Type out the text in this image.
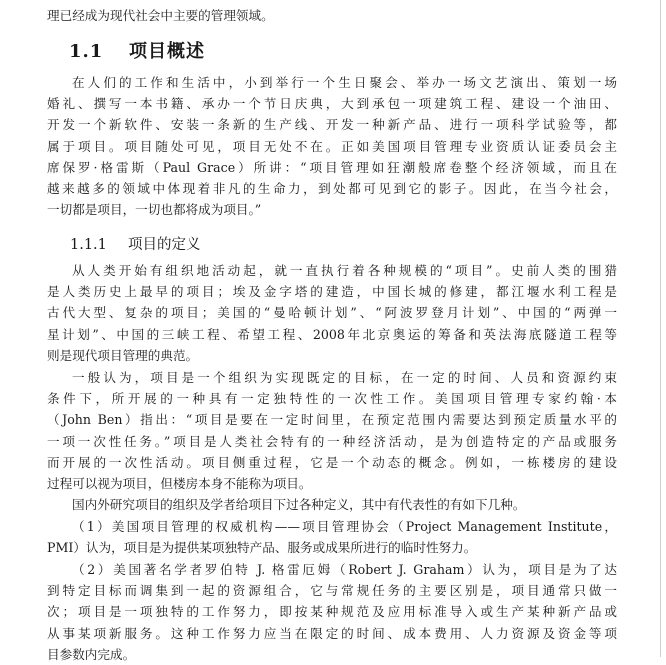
理已经成为现代社会中主要的管理领域。
1.1 项目概述
在人们的工作和生活中，小到举行一个生日聚会、举办一场文艺演出、策划一场
婚礼、撰写一本书籍、承办一个节日庆典，大到承包一项建筑工程、建设一个油田、
开发一个新软件、安装一条新的生产线、开发一种新产品、进行一项科学试验等，都
属于项目。项目随处可见，项目无处不在。正如美国项目管理专业资质认证委员会主
席保罗·格雷斯（Paul Grace）所讲：“项目管理如狂潮般席卷整个经济领域，而且在
越来越多的领域中体现着非凡的生命力，到处都可见到它的影子。因此，在当今社会，
一切都是项目，一切也都将成为项目。”
1.1.1 项目的定义
从人类开始有组织地活动起，就一直执行着各种规模的“项目”。史前人类的围猎
是人类历史上最早的项目；埃及金字塔的建造，中国长城的修建，都江堰水利工程是
古代大型、复杂的项目；美国的“曼哈顿计划”、“阿波罗登月计划”、中国的“两弹一
星计划”、中国的三峡工程、希望工程、2008年北京奥运的筹备和英法海底隧道工程等
则是现代项目管理的典范。
一般认为，项目是一个组织为实现既定的目标，在一定的时间、人员和资源约束
条件下，所开展的一种具有一定独特性的一次性工作。美国项目管理专家约翰·本
（John Ben）指出：“项目是要在一定时间里，在预定范围内需要达到预定质量水平的
一项一次性任务。”项目是人类社会特有的一种经济活动，是为创造特定的产品或服务
而开展的一次性活动。项目侧重过程，它是一个动态的概念。例如，一栋楼房的建设
过程可以视为项目，但楼房本身不能称为项目。
国内外研究项目的组织及学者给项目下过各种定义，其中有代表性的有如下几种。
（1）美国项目管理的权威机构——项目管理协会（Project Management Institute，
PMI）认为，项目是为提供某项独特产品、服务或成果所进行的临时性努力。
（2）美国著名学者罗伯特 J. 格雷厄姆（Robert J. Graham）认为，项目是为了达
到特定目标而调集到一起的资源组合，它与常规任务的主要区别是，项目通常只做一
次；项目是一项独特的工作努力，即按某种规范及应用标准导入或生产某种新产品或
从事某项新服务。这种工作努力应当在限定的时间、成本费用、人力资源及资金等项
目参数内完成。
